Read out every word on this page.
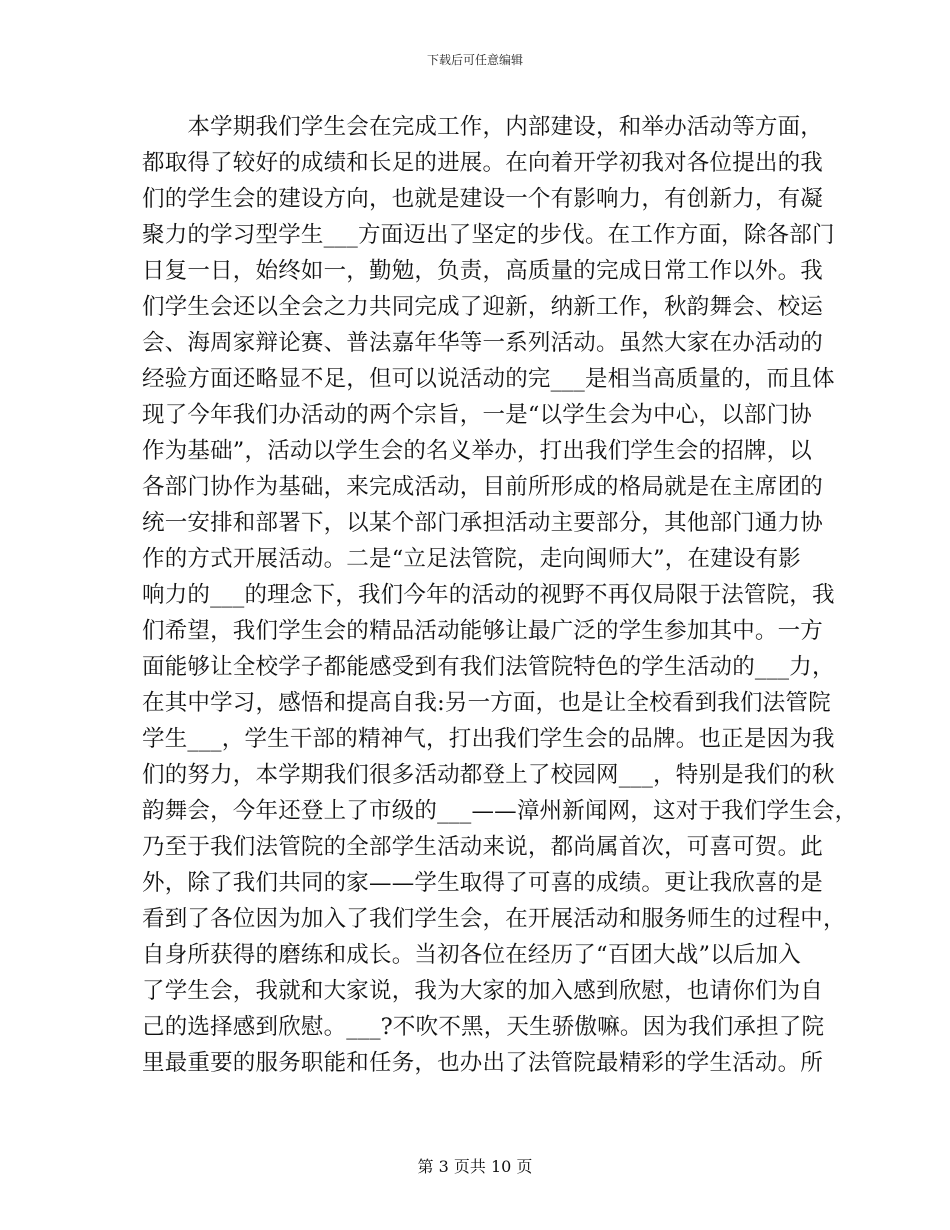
下载后可任意编辑
　　本学期我们学生会在完成工作，内部建设，和举办活动等方面，
都取得了较好的成绩和长足的进展。在向着开学初我对各位提出的我
们的学生会的建设方向，也就是建设一个有影响力，有创新力，有凝
聚力的学习型学生___方面迈出了坚定的步伐。在工作方面，除各部门
日复一日，始终如一，勤勉，负责，高质量的完成日常工作以外。我
们学生会还以全会之力共同完成了迎新，纳新工作，秋韵舞会、校运
会、海周家辩论赛、普法嘉年华等一系列活动。虽然大家在办活动的
经验方面还略显不足，但可以说活动的完___是相当高质量的，而且体
现了今年我们办活动的两个宗旨，一是“以学生会为中心，以部门协
作为基础”，活动以学生会的名义举办，打出我们学生会的招牌，以
各部门协作为基础，来完成活动，目前所形成的格局就是在主席团的
统一安排和部署下，以某个部门承担活动主要部分，其他部门通力协
作的方式开展活动。二是“立足法管院，走向闽师大”，在建设有影
响力的___的理念下，我们今年的活动的视野不再仅局限于法管院，我
们希望，我们学生会的精品活动能够让最广泛的学生参加其中。一方
面能够让全校学子都能感受到有我们法管院特色的学生活动的___力，
在其中学习，感悟和提高自我:另一方面，也是让全校看到我们法管院
学生___，学生干部的精神气，打出我们学生会的品牌。也正是因为我
们的努力，本学期我们很多活动都登上了校园网___，特别是我们的秋
韵舞会，今年还登上了市级的___——漳州新闻网，这对于我们学生会，
乃至于我们法管院的全部学生活动来说，都尚属首次，可喜可贺。此
外，除了我们共同的家——学生取得了可喜的成绩。更让我欣喜的是
看到了各位因为加入了我们学生会，在开展活动和服务师生的过程中，
自身所获得的磨练和成长。当初各位在经历了“百团大战”以后加入
了学生会，我就和大家说，我为大家的加入感到欣慰，也请你们为自
己的选择感到欣慰。___?不吹不黑，天生骄傲嘛。因为我们承担了院
里最重要的服务职能和任务，也办出了法管院最精彩的学生活动。所
第 3 页共 10 页
